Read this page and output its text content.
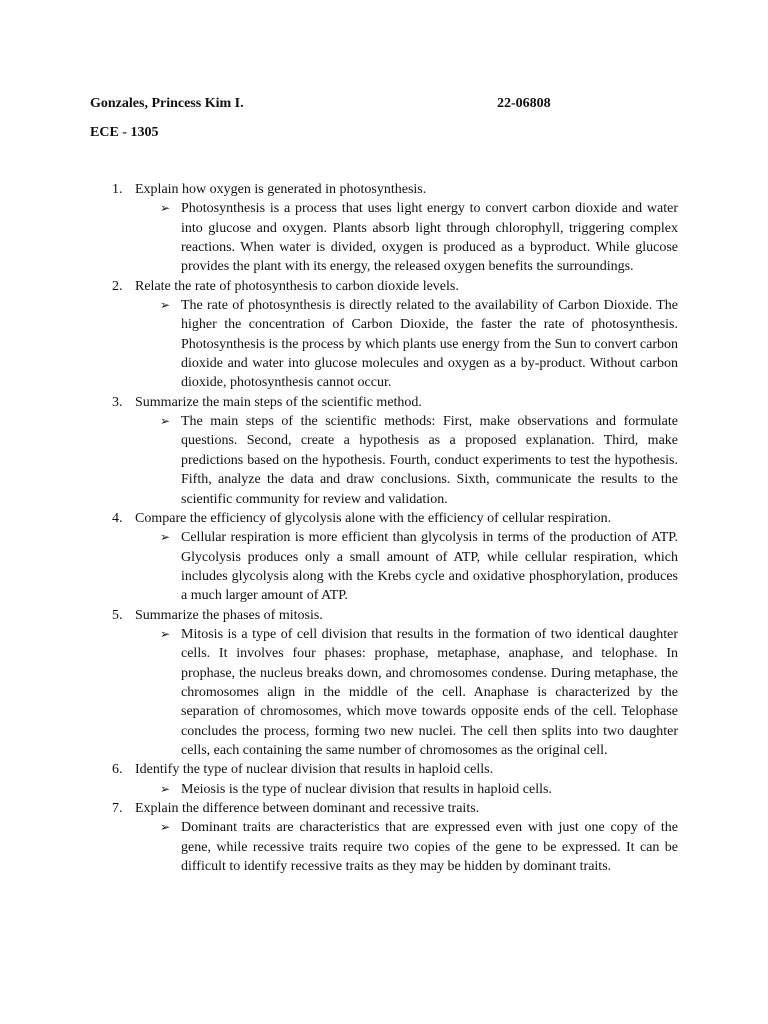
Gonzales, Princess Kim I.	22-06808
ECE - 1305
1. Explain how oxygen is generated in photosynthesis.
➢ Photosynthesis is a process that uses light energy to convert carbon dioxide and water into glucose and oxygen. Plants absorb light through chlorophyll, triggering complex reactions. When water is divided, oxygen is produced as a byproduct. While glucose provides the plant with its energy, the released oxygen benefits the surroundings.

2. Relate the rate of photosynthesis to carbon dioxide levels.
➢ The rate of photosynthesis is directly related to the availability of Carbon Dioxide. The higher the concentration of Carbon Dioxide, the faster the rate of photosynthesis. Photosynthesis is the process by which plants use energy from the Sun to convert carbon dioxide and water into glucose molecules and oxygen as a by-product. Without carbon dioxide, photosynthesis cannot occur.

3. Summarize the main steps of the scientific method.
➢ The main steps of the scientific methods: First, make observations and formulate questions. Second, create a hypothesis as a proposed explanation. Third, make predictions based on the hypothesis. Fourth, conduct experiments to test the hypothesis. Fifth, analyze the data and draw conclusions. Sixth, communicate the results to the scientific community for review and validation.

4. Compare the efficiency of glycolysis alone with the efficiency of cellular respiration.
➢ Cellular respiration is more efficient than glycolysis in terms of the production of ATP. Glycolysis produces only a small amount of ATP, while cellular respiration, which includes glycolysis along with the Krebs cycle and oxidative phosphorylation, produces a much larger amount of ATP.

5. Summarize the phases of mitosis.
➢ Mitosis is a type of cell division that results in the formation of two identical daughter cells. It involves four phases: prophase, metaphase, anaphase, and telophase. In prophase, the nucleus breaks down, and chromosomes condense. During metaphase, the chromosomes align in the middle of the cell. Anaphase is characterized by the separation of chromosomes, which move towards opposite ends of the cell. Telophase concludes the process, forming two new nuclei. The cell then splits into two daughter cells, each containing the same number of chromosomes as the original cell.

6. Identify the type of nuclear division that results in haploid cells.
➢ Meiosis is the type of nuclear division that results in haploid cells.

7. Explain the difference between dominant and recessive traits.
➢ Dominant traits are characteristics that are expressed even with just one copy of the gene, while recessive traits require two copies of the gene to be expressed. It can be difficult to identify recessive traits as they may be hidden by dominant traits.
